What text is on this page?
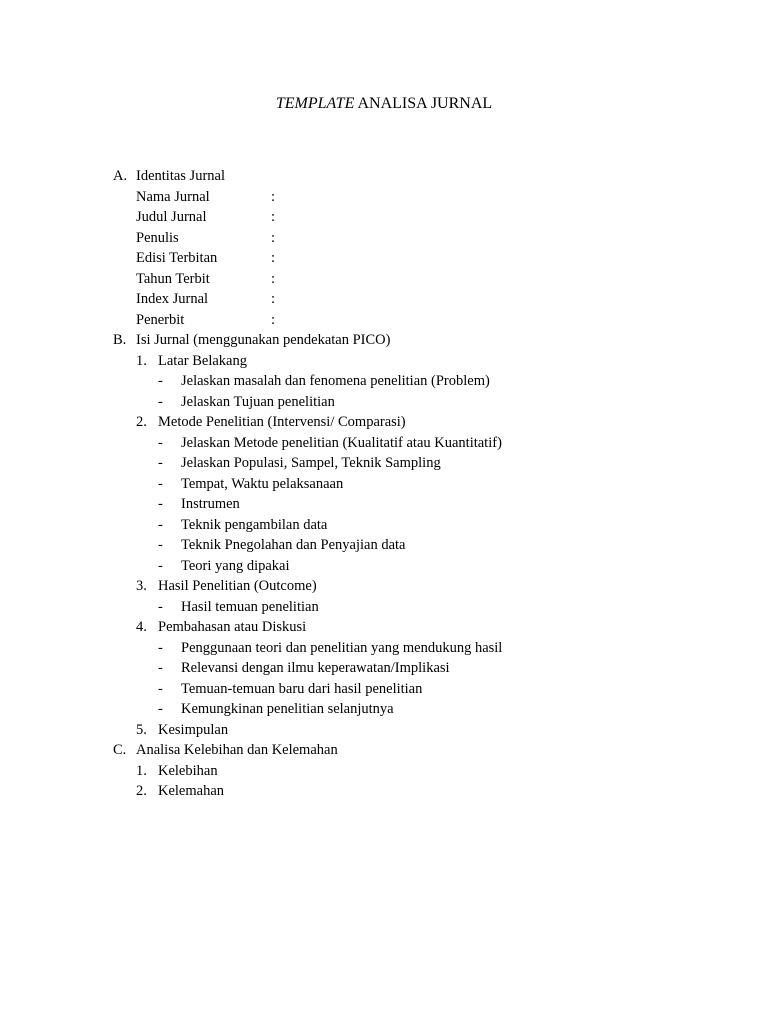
TEMPLATE ANALISA JURNAL
A. Identitas Jurnal
Nama Jurnal	:
Judul Jurnal	:
Penulis	:
Edisi Terbitan	:
Tahun Terbit	:
Index Jurnal	:
Penerbit	:
B. Isi Jurnal (menggunakan pendekatan PICO)
1. Latar Belakang
- Jelaskan masalah dan fenomena penelitian (Problem)
- Jelaskan Tujuan penelitian
2. Metode Penelitian (Intervensi/ Comparasi)
- Jelaskan Metode penelitian (Kualitatif atau Kuantitatif)
- Jelaskan Populasi, Sampel, Teknik Sampling
- Tempat, Waktu pelaksanaan
- Instrumen
- Teknik pengambilan data
- Teknik Pnegolahan dan Penyajian data
- Teori yang dipakai
3. Hasil Penelitian (Outcome)
- Hasil temuan penelitian
4. Pembahasan atau Diskusi
- Penggunaan teori dan penelitian yang mendukung hasil
- Relevansi dengan ilmu keperawatan/Implikasi
- Temuan-temuan baru dari hasil penelitian
- Kemungkinan penelitian selanjutnya
5. Kesimpulan
C. Analisa Kelebihan dan Kelemahan
1. Kelebihan
2. Kelemahan
